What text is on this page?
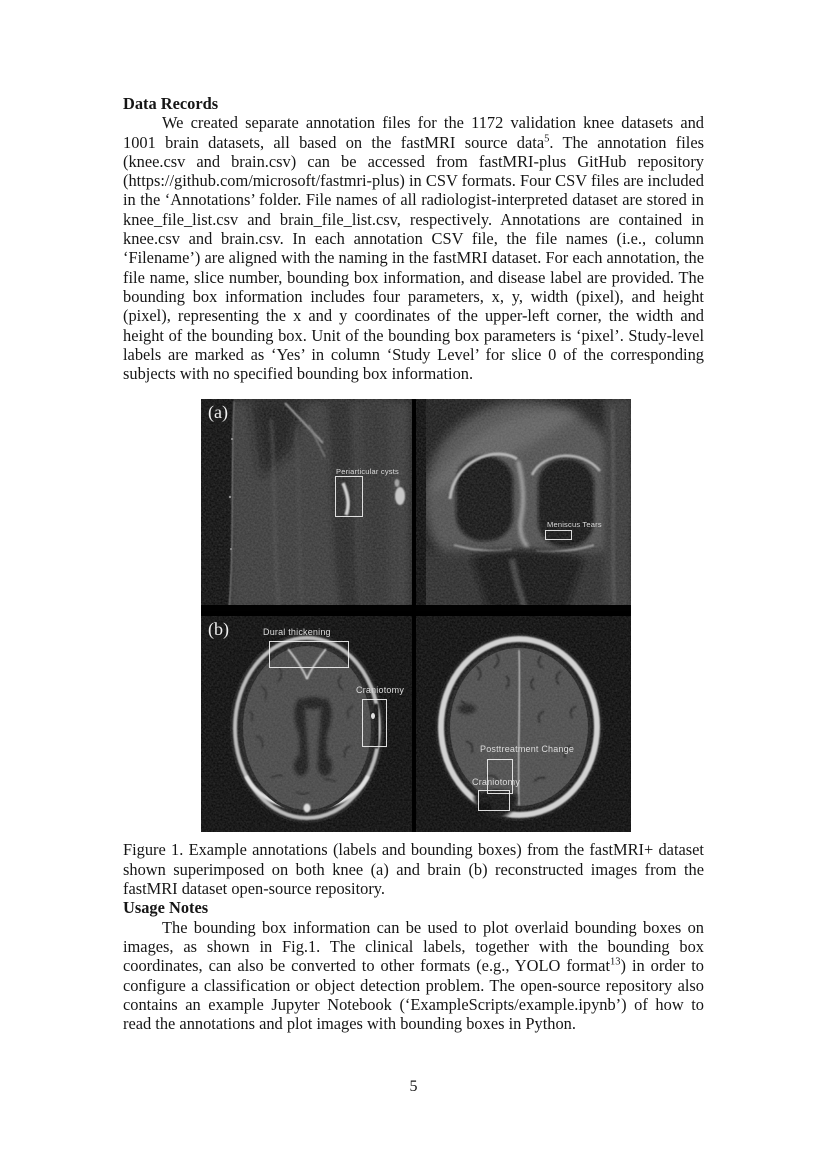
Data Records

We created separate annotation files for the 1172 validation knee datasets and 1001 brain datasets, all based on the fastMRI source data$^5$. The annotation files (knee.csv and brain.csv) can be accessed from fastMRI-plus GitHub repository (https://github.com/microsoft/fastmri-plus) in CSV formats. Four CSV files are included in the ‘Annotations’ folder. File names of all radiologist-interpreted dataset are stored in knee_file_list.csv and brain_file_list.csv, respectively. Annotations are contained in knee.csv and brain.csv. In each annotation CSV file, the file names (i.e., column ‘Filename’) are aligned with the naming in the fastMRI dataset. For each annotation, the file name, slice number, bounding box information, and disease label are provided. The bounding box information includes four parameters, x, y, width (pixel), and height (pixel), representing the x and y coordinates of the upper-left corner, the width and height of the bounding box. Unit of the bounding box parameters is ‘pixel’. Study-level labels are marked as ‘Yes’ in column ‘Study Level’ for slice 0 of the corresponding subjects with no specified bounding box information.

(a)
Periarticular cysts
Meniscus Tears
(b)	Dural thickening
Craniotomy
Posttreatment Change
Craniotomy

Figure 1. Example annotations (labels and bounding boxes) from the fastMRI+ dataset shown superimposed on both knee (a) and brain (b) reconstructed images from the fastMRI dataset open-source repository.

Usage Notes

The bounding box information can be used to plot overlaid bounding boxes on images, as shown in Fig.1. The clinical labels, together with the bounding box coordinates, can also be converted to other formats (e.g., YOLO format$^{13}$) in order to configure a classification or object detection problem. The open-source repository also contains an example Jupyter Notebook (‘ExampleScripts/example.ipynb’) of how to read the annotations and plot images with bounding boxes in Python.

5
